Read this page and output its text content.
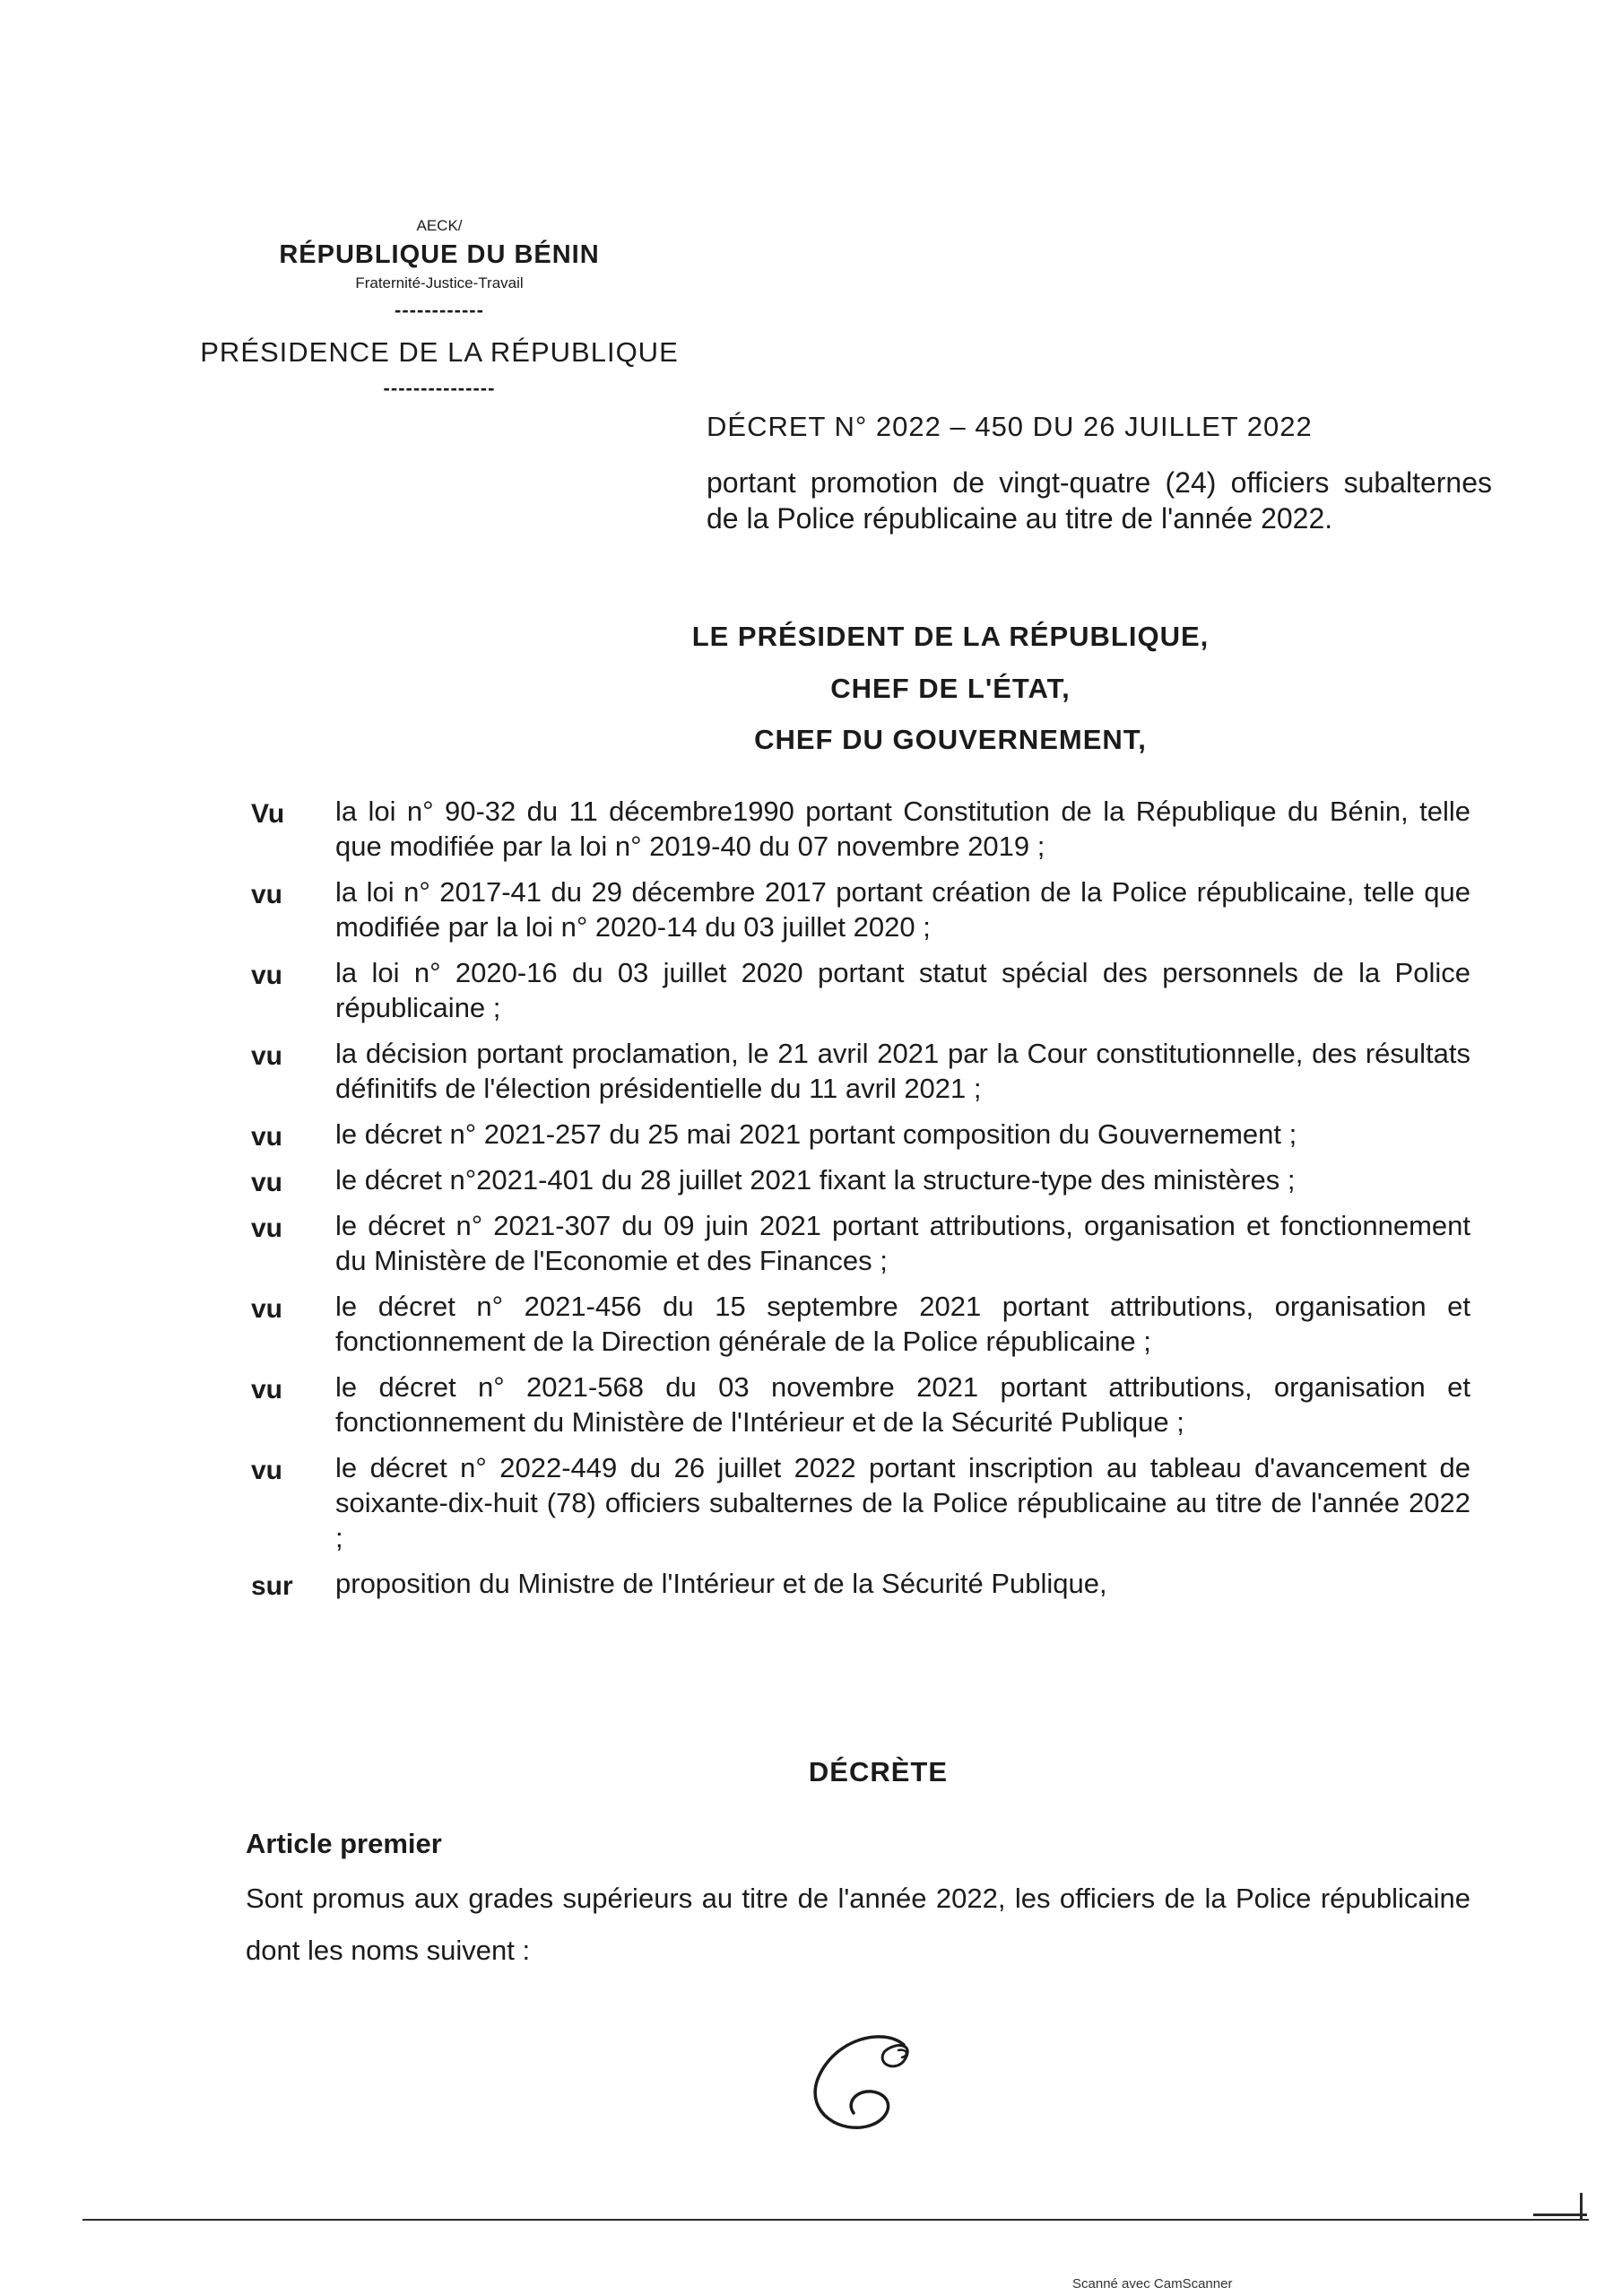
AECK/
RÉPUBLIQUE DU BÉNIN
Fraternité-Justice-Travail
------------
PRÉSIDENCE DE LA RÉPUBLIQUE
---------------
DÉCRET N° 2022 – 450 DU 26 JUILLET 2022
portant promotion de vingt-quatre (24) officiers subalternes de la Police républicaine au titre de l'année 2022.
LE PRÉSIDENT DE LA RÉPUBLIQUE,
CHEF DE L'ÉTAT,
CHEF DU GOUVERNEMENT,
Vu	la loi n° 90-32 du 11 décembre1990 portant Constitution de la République du Bénin, telle que modifiée par la loi n° 2019-40 du 07 novembre 2019 ;
vu	la loi n° 2017-41 du 29 décembre 2017 portant création de la Police républicaine, telle que modifiée par la loi n° 2020-14 du 03 juillet 2020 ;
vu	la loi n° 2020-16 du 03 juillet 2020 portant statut spécial des personnels de la Police républicaine ;
vu	la décision portant proclamation, le 21 avril 2021 par la Cour constitutionnelle, des résultats définitifs de l'élection présidentielle du 11 avril 2021 ;
vu	le décret n° 2021-257 du 25 mai 2021 portant composition du Gouvernement ;
vu	le décret n°2021-401 du 28 juillet 2021 fixant la structure-type des ministères ;
vu	le décret n° 2021-307 du 09 juin 2021 portant attributions, organisation et fonctionnement du Ministère de l'Economie et des Finances ;
vu	le décret n° 2021-456 du 15 septembre 2021 portant attributions, organisation et fonctionnement de la Direction générale de la Police républicaine ;
vu	le décret n° 2021-568 du 03 novembre 2021 portant attributions, organisation et fonctionnement du Ministère de l'Intérieur et de la Sécurité Publique ;
vu	le décret n° 2022-449 du 26 juillet 2022 portant inscription au tableau d'avancement de soixante-dix-huit (78) officiers subalternes de la Police républicaine au titre de l'année 2022 ;
sur	proposition du Ministre de l'Intérieur et de la Sécurité Publique,
DÉCRÈTE
Article premier
Sont promus aux grades supérieurs au titre de l'année 2022, les officiers de la Police républicaine dont les noms suivent :
Scanné avec CamScanner
